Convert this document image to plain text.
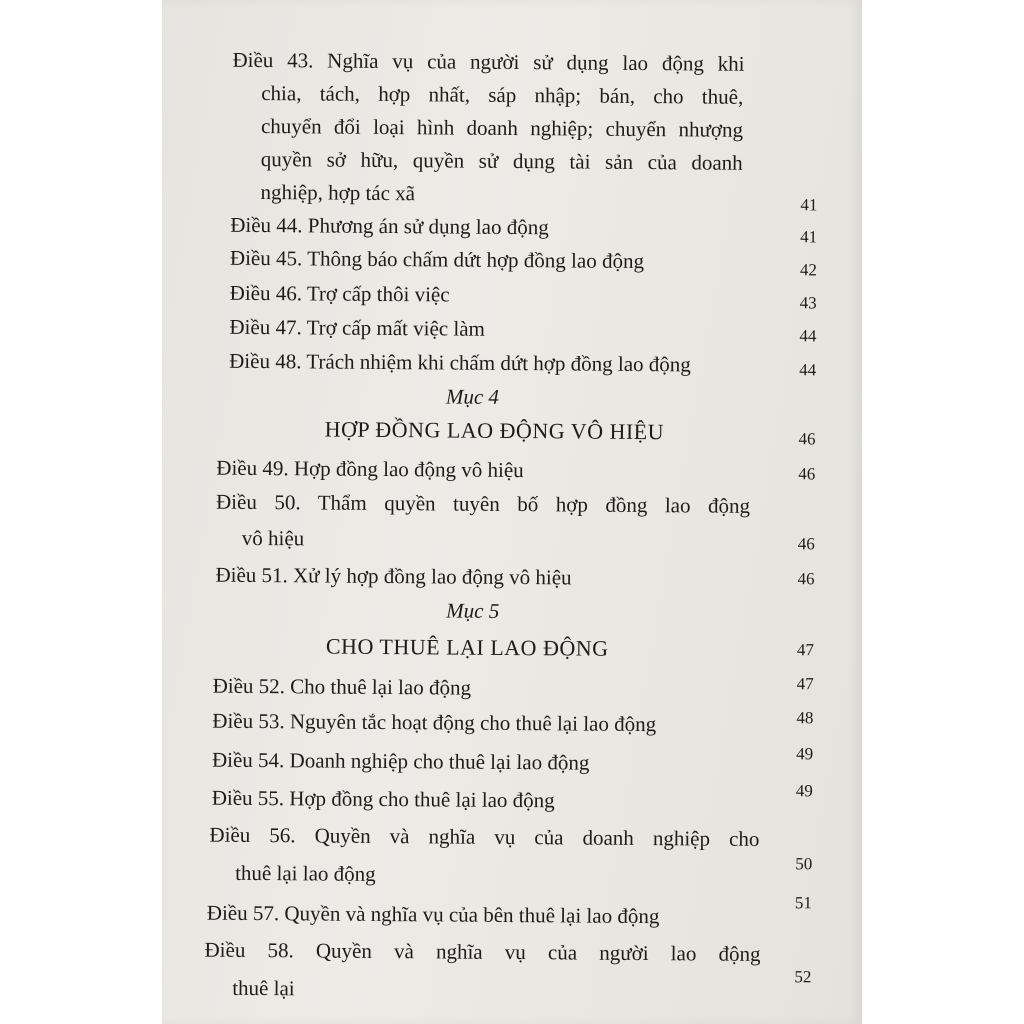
Điều 43. Nghĩa vụ của người sử dụng lao động khi
chia, tách, hợp nhất, sáp nhập; bán, cho thuê,
chuyển đổi loại hình doanh nghiệp; chuyển nhượng
quyền sở hữu, quyền sử dụng tài sản của doanh
nghiệp, hợp tác xã	41
Điều 44. Phương án sử dụng lao động	41
Điều 45. Thông báo chấm dứt hợp đồng lao động	42
Điều 46. Trợ cấp thôi việc	43
Điều 47. Trợ cấp mất việc làm	44
Điều 48. Trách nhiệm khi chấm dứt hợp đồng lao động	44
Mục 4
HỢP ĐỒNG LAO ĐỘNG VÔ HIỆU	46
Điều 49. Hợp đồng lao động vô hiệu	46
Điều 50. Thẩm quyền tuyên bố hợp đồng lao động
vô hiệu	46
Điều 51. Xử lý hợp đồng lao động vô hiệu	46
Mục 5
CHO THUÊ LẠI LAO ĐỘNG	47
Điều 52. Cho thuê lại lao động	47
Điều 53. Nguyên tắc hoạt động cho thuê lại lao động	48
Điều 54. Doanh nghiệp cho thuê lại lao động	49
Điều 55. Hợp đồng cho thuê lại lao động	49
Điều 56. Quyền và nghĩa vụ của doanh nghiệp cho
thuê lại lao động	50
Điều 57. Quyền và nghĩa vụ của bên thuê lại lao động	51
Điều 58. Quyền và nghĩa vụ của người lao động
thuê lại	52
